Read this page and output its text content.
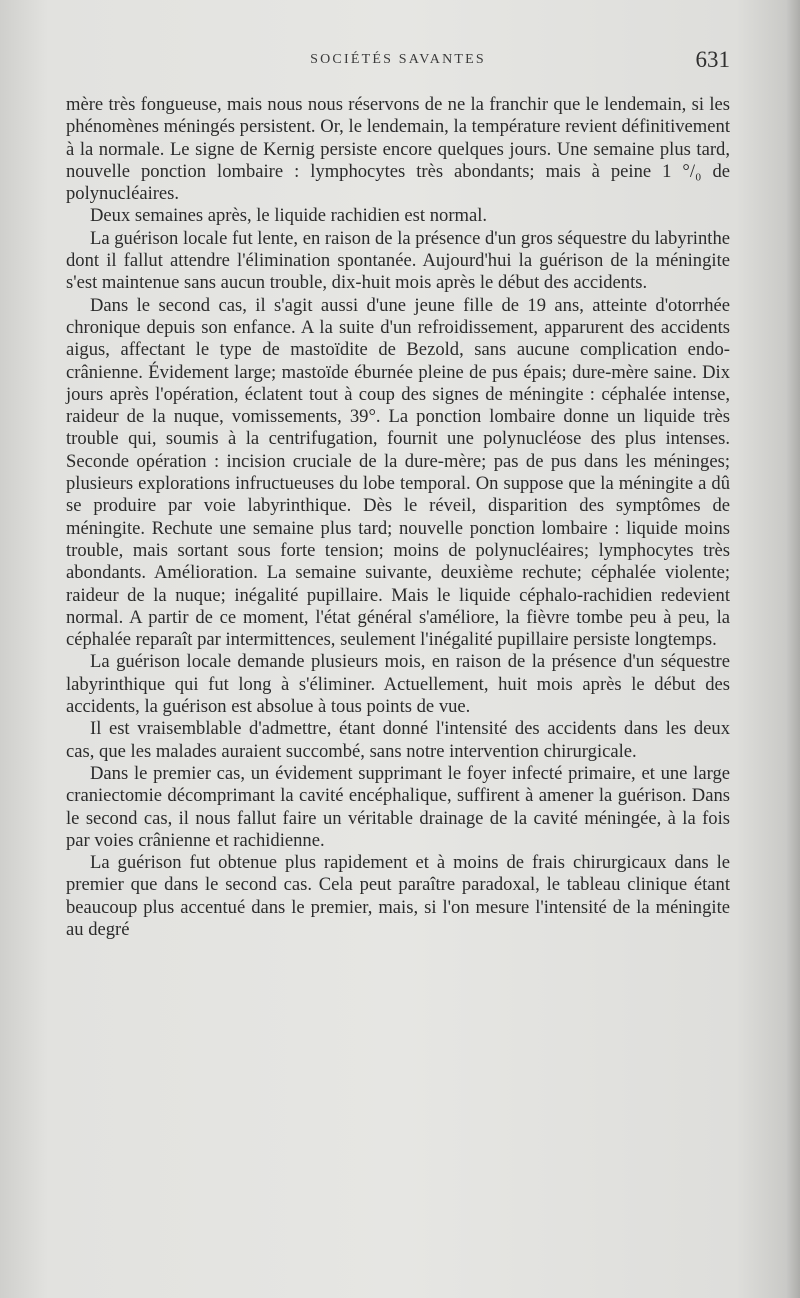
SOCIÉTÉS SAVANTES	631

mère très fongueuse, mais nous nous réservons de ne la franchir que le lendemain, si les phénomènes méningés persistent. Or, le lendemain, la température revient définitivement à la normale. Le signe de Kernig persiste encore quelques jours. Une semaine plus tard, nouvelle ponction lombaire : lymphocytes très abondants; mais à peine 1 °/₀ de polynucléaires.

Deux semaines après, le liquide rachidien est normal.

La guérison locale fut lente, en raison de la présence d'un gros séquestre du labyrinthe dont il fallut attendre l'élimination spontanée. Aujourd'hui la guérison de la méningite s'est maintenue sans aucun trouble, dix-huit mois après le début des accidents.

Dans le second cas, il s'agit aussi d'une jeune fille de 19 ans, atteinte d'otorrhée chronique depuis son enfance. A la suite d'un refroidissement, apparurent des accidents aigus, affectant le type de mastoïdite de Bezold, sans aucune complication endo-crânienne. Évidement large; mastoïde éburnée pleine de pus épais; dure-mère saine. Dix jours après l'opération, éclatent tout à coup des signes de méningite : céphalée intense, raideur de la nuque, vomissements, 39°. La ponction lombaire donne un liquide très trouble qui, soumis à la centrifugation, fournit une polynucléose des plus intenses. Seconde opération : incision cruciale de la dure-mère; pas de pus dans les méninges; plusieurs explorations infructueuses du lobe temporal. On suppose que la méningite a dû se produire par voie labyrinthique. Dès le réveil, disparition des symptômes de méningite. Rechute une semaine plus tard; nouvelle ponction lombaire : liquide moins trouble, mais sortant sous forte tension; moins de polynucléaires; lymphocytes très abondants. Amélioration. La semaine suivante, deuxième rechute; céphalée violente; raideur de la nuque; inégalité pupillaire. Mais le liquide céphalo-rachidien redevient normal. A partir de ce moment, l'état général s'améliore, la fièvre tombe peu à peu, la céphalée reparaît par intermittences, seulement l'inégalité pupillaire persiste longtemps.

La guérison locale demande plusieurs mois, en raison de la présence d'un séquestre labyrinthique qui fut long à s'éliminer. Actuellement, huit mois après le début des accidents, la guérison est absolue à tous points de vue.

Il est vraisemblable d'admettre, étant donné l'intensité des accidents dans les deux cas, que les malades auraient succombé, sans notre intervention chirurgicale.

Dans le premier cas, un évidement supprimant le foyer infecté primaire, et une large craniectomie décomprimant la cavité encéphalique, suffirent à amener la guérison. Dans le second cas, il nous fallut faire un véritable drainage de la cavité méningée, à la fois par voies crânienne et rachidienne.

La guérison fut obtenue plus rapidement et à moins de frais chirurgicaux dans le premier que dans le second cas. Cela peut paraître paradoxal, le tableau clinique étant beaucoup plus accentué dans le premier, mais, si l'on mesure l'intensité de la méningite au degré
